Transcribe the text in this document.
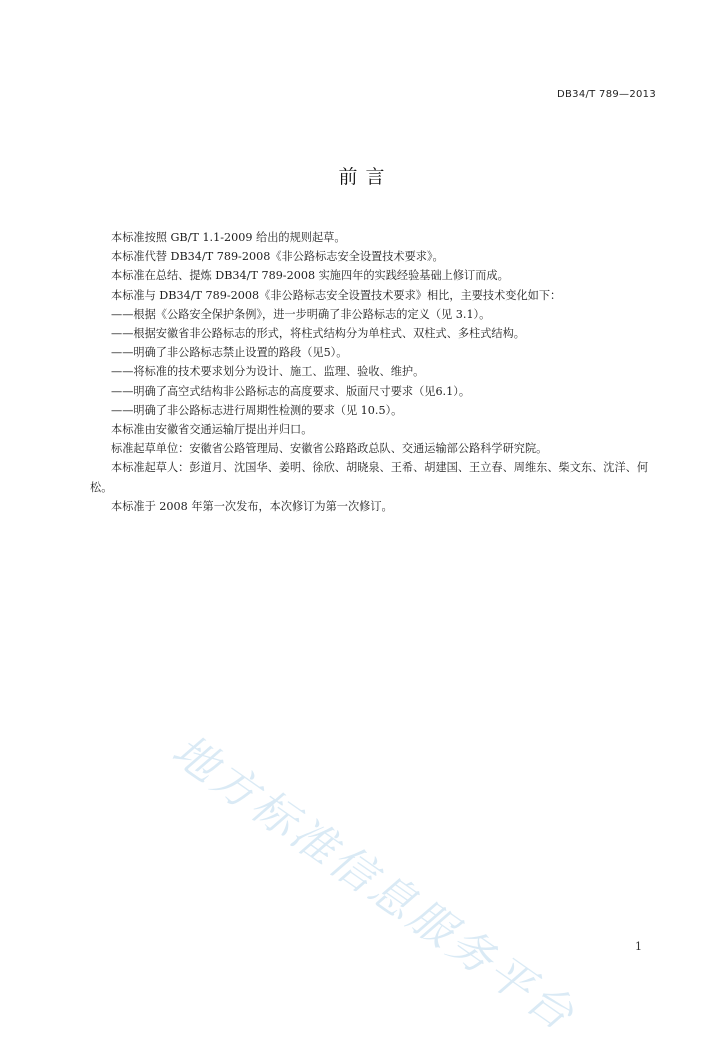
DB34/T 789—2013
前 言

本标准按照 GB/T 1.1-2009 给出的规则起草。

本标准代替 DB34/T 789-2008《非公路标志安全设置技术要求》。

本标准在总结、提炼 DB34/T 789-2008 实施四年的实践经验基础上修订而成。

本标准与 DB34/T 789-2008《非公路标志安全设置技术要求》相比，主要技术变化如下：

——根据《公路安全保护条例》，进一步明确了非公路标志的定义（见 3.1）。

——根据安徽省非公路标志的形式，将柱式结构分为单柱式、双柱式、多柱式结构。

——明确了非公路标志禁止设置的路段（见5）。

——将标准的技术要求划分为设计、施工、监理、验收、维护。

——明确了高空式结构非公路标志的高度要求、版面尺寸要求（见6.1）。

——明确了非公路标志进行周期性检测的要求（见 10.5）。

本标准由安徽省交通运输厅提出并归口。

标准起草单位：安徽省公路管理局、安徽省公路路政总队、交通运输部公路科学研究院。

本标准起草人：彭道月、沈国华、姜明、徐欣、胡晓泉、王希、胡建国、王立春、周维东、柴文东、沈洋、何松。

本标准于 2008 年第一次发布，本次修订为第一次修订。

地方标准信息服务平台	1
